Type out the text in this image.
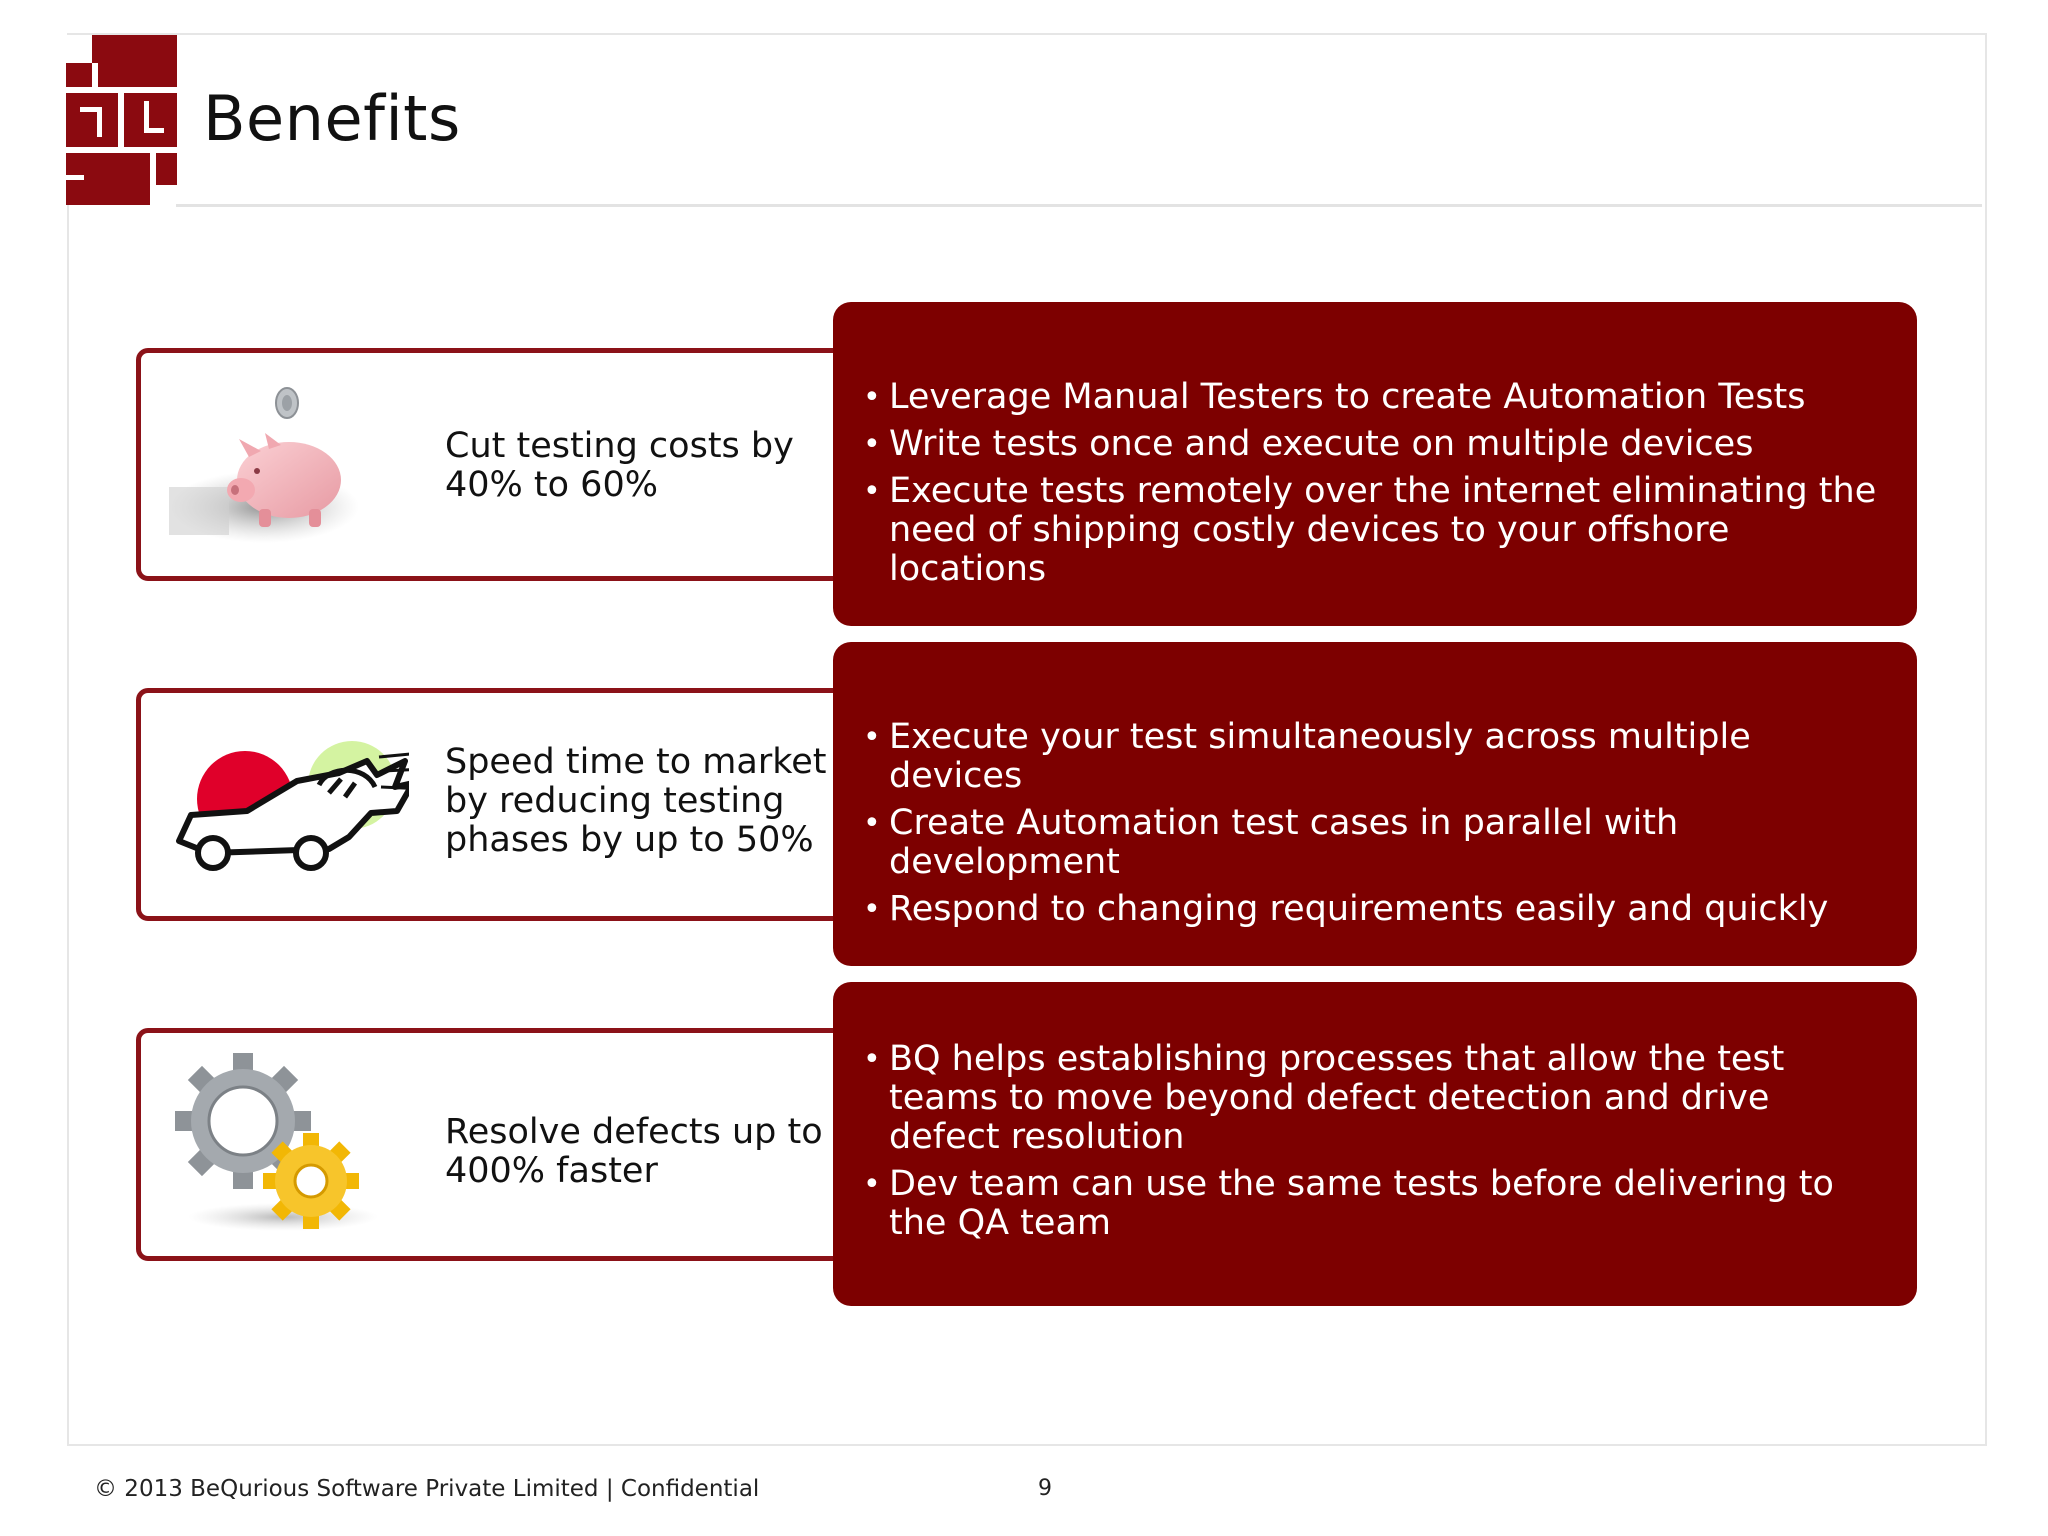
Benefits
Cut testing costs by
40% to 60%
• Leverage Manual Testers to create Automation Tests
• Write tests once and execute on multiple devices
• Execute tests remotely over the internet eliminating the need of shipping costly devices to your offshore locations
Speed time to market
by reducing testing
phases by up to 50%
• Execute your test simultaneously across multiple devices
• Create Automation test cases in parallel with development
• Respond to changing requirements easily and quickly
Resolve defects up to
400% faster
• BQ helps establishing processes that allow the test teams to move beyond defect detection and drive defect resolution
• Dev team can use the same tests before delivering to the QA team
© 2013 BeQurious Software Private Limited | Confidential	9
